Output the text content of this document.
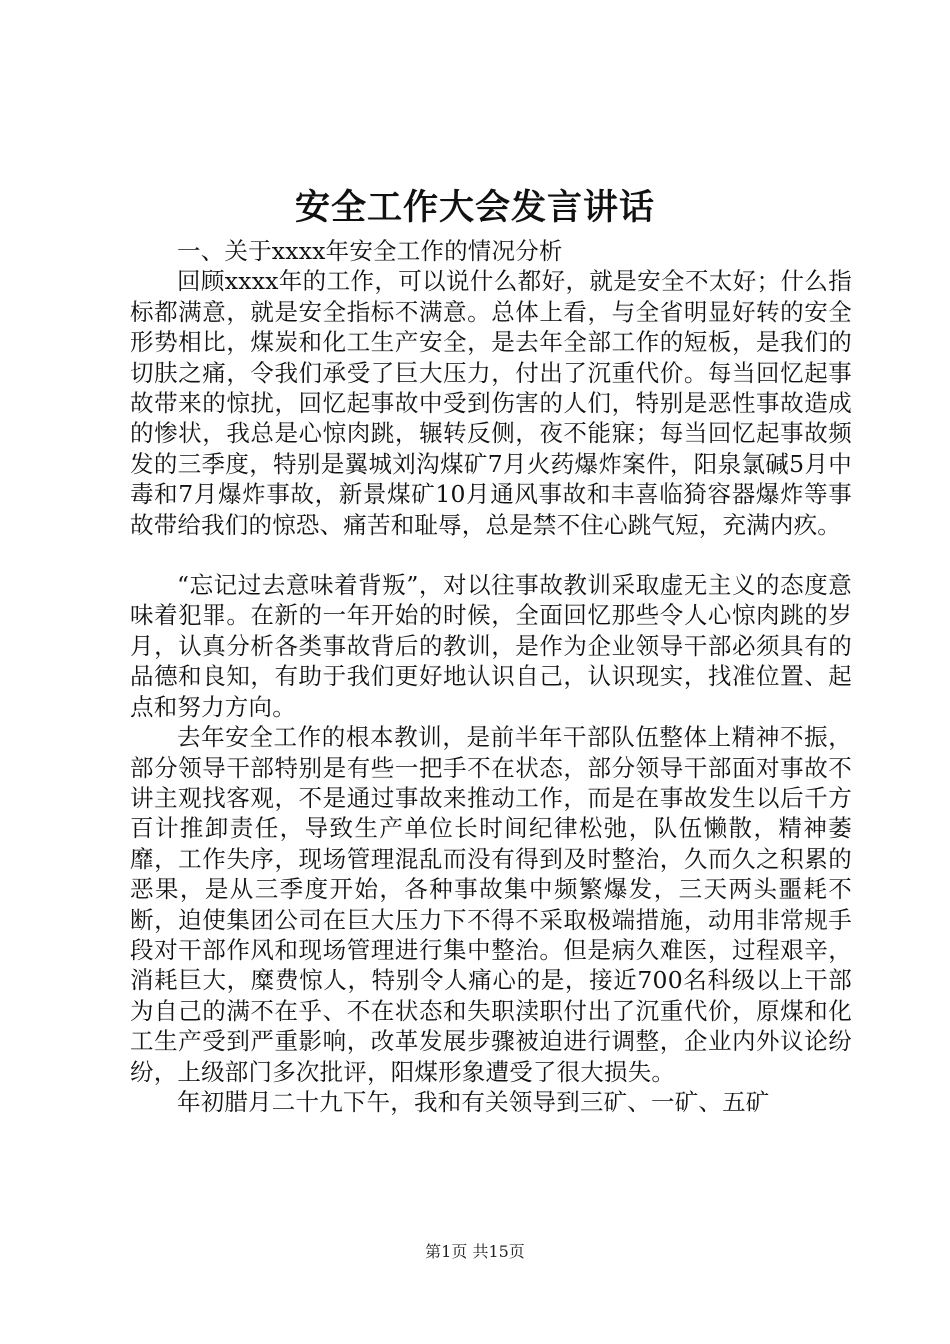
安全工作大会发言讲话

一、关于xxxx年安全工作的情况分析

回顾xxxx年的工作，可以说什么都好，就是安全不太好；什么指标都满意，就是安全指标不满意。总体上看，与全省明显好转的安全形势相比，煤炭和化工生产安全，是去年全部工作的短板，是我们的切肤之痛，令我们承受了巨大压力，付出了沉重代价。每当回忆起事故带来的惊扰，回忆起事故中受到伤害的人们，特别是恶性事故造成的惨状，我总是心惊肉跳，辗转反侧，夜不能寐；每当回忆起事故频发的三季度，特别是翼城刘沟煤矿7月火药爆炸案件，阳泉氯碱5月中毒和7月爆炸事故，新景煤矿10月通风事故和丰喜临猗容器爆炸等事故带给我们的惊恐、痛苦和耻辱，总是禁不住心跳气短，充满内疚。

“忘记过去意味着背叛”，对以往事故教训采取虚无主义的态度意味着犯罪。在新的一年开始的时候，全面回忆那些令人心惊肉跳的岁月，认真分析各类事故背后的教训，是作为企业领导干部必须具有的品德和良知，有助于我们更好地认识自己，认识现实，找准位置、起点和努力方向。

去年安全工作的根本教训，是前半年干部队伍整体上精神不振，部分领导干部特别是有些一把手不在状态，部分领导干部面对事故不讲主观找客观，不是通过事故来推动工作，而是在事故发生以后千方百计推卸责任，导致生产单位长时间纪律松弛，队伍懒散，精神萎靡，工作失序，现场管理混乱而没有得到及时整治，久而久之积累的恶果，是从三季度开始，各种事故集中频繁爆发，三天两头噩耗不断，迫使集团公司在巨大压力下不得不采取极端措施，动用非常规手段对干部作风和现场管理进行集中整治。但是病久难医，过程艰辛，消耗巨大，糜费惊人，特别令人痛心的是，接近700名科级以上干部为自己的满不在乎、不在状态和失职渎职付出了沉重代价，原煤和化工生产受到严重影响，改革发展步骤被迫进行调整，企业内外议论纷纷，上级部门多次批评，阳煤形象遭受了很大损失。

年初腊月二十九下午，我和有关领导到三矿、一矿、五矿

第1页 共15页
